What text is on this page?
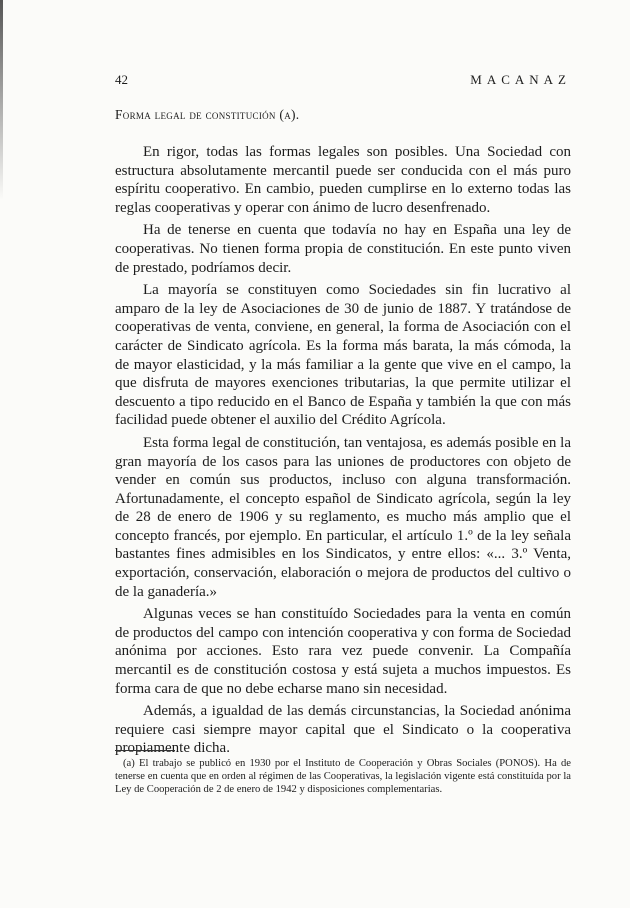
42	MACANAZ
Forma legal de constitución (a).

En rigor, todas las formas legales son posibles. Una Sociedad con estructura absolutamente mercantil puede ser conducida con el más puro espíritu cooperativo. En cambio, pueden cumplirse en lo externo todas las reglas cooperativas y operar con ánimo de lucro desenfrenado.

Ha de tenerse en cuenta que todavía no hay en España una ley de cooperativas. No tienen forma propia de constitución. En este punto viven de prestado, podríamos decir.

La mayoría se constituyen como Sociedades sin fin lucrativo al amparo de la ley de Asociaciones de 30 de junio de 1887. Y tratándose de cooperativas de venta, conviene, en general, la forma de Asociación con el carácter de Sindicato agrícola. Es la forma más barata, la más cómoda, la de mayor elasticidad, y la más familiar a la gente que vive en el campo, la que disfruta de mayores exenciones tributarias, la que permite utilizar el descuento a tipo reducido en el Banco de España y también la que con más facilidad puede obtener el auxilio del Crédito Agrícola.

Esta forma legal de constitución, tan ventajosa, es además posible en la gran mayoría de los casos para las uniones de productores con objeto de vender en común sus productos, incluso con alguna transformación. Afortunadamente, el concepto español de Sindicato agrícola, según la ley de 28 de enero de 1906 y su reglamento, es mucho más amplio que el concepto francés, por ejemplo. En particular, el artículo 1.º de la ley señala bastantes fines admisibles en los Sindicatos, y entre ellos: «... 3.º Venta, exportación, conservación, elaboración o mejora de productos del cultivo o de la ganadería.»

Algunas veces se han constituído Sociedades para la venta en común de productos del campo con intención cooperativa y con forma de Sociedad anónima por acciones. Esto rara vez puede convenir. La Compañía mercantil es de constitución costosa y está sujeta a muchos impuestos. Es forma cara de que no debe echarse mano sin necesidad.

Además, a igualdad de las demás circunstancias, la Sociedad anónima requiere casi siempre mayor capital que el Sindicato o la cooperativa propiamente dicha.

(a) El trabajo se publicó en 1930 por el Instituto de Cooperación y Obras Sociales (PONOS). Ha de tenerse en cuenta que en orden al régimen de las Cooperativas, la legislación vigente está constituída por la Ley de Cooperación de 2 de enero de 1942 y disposiciones complementarias.
